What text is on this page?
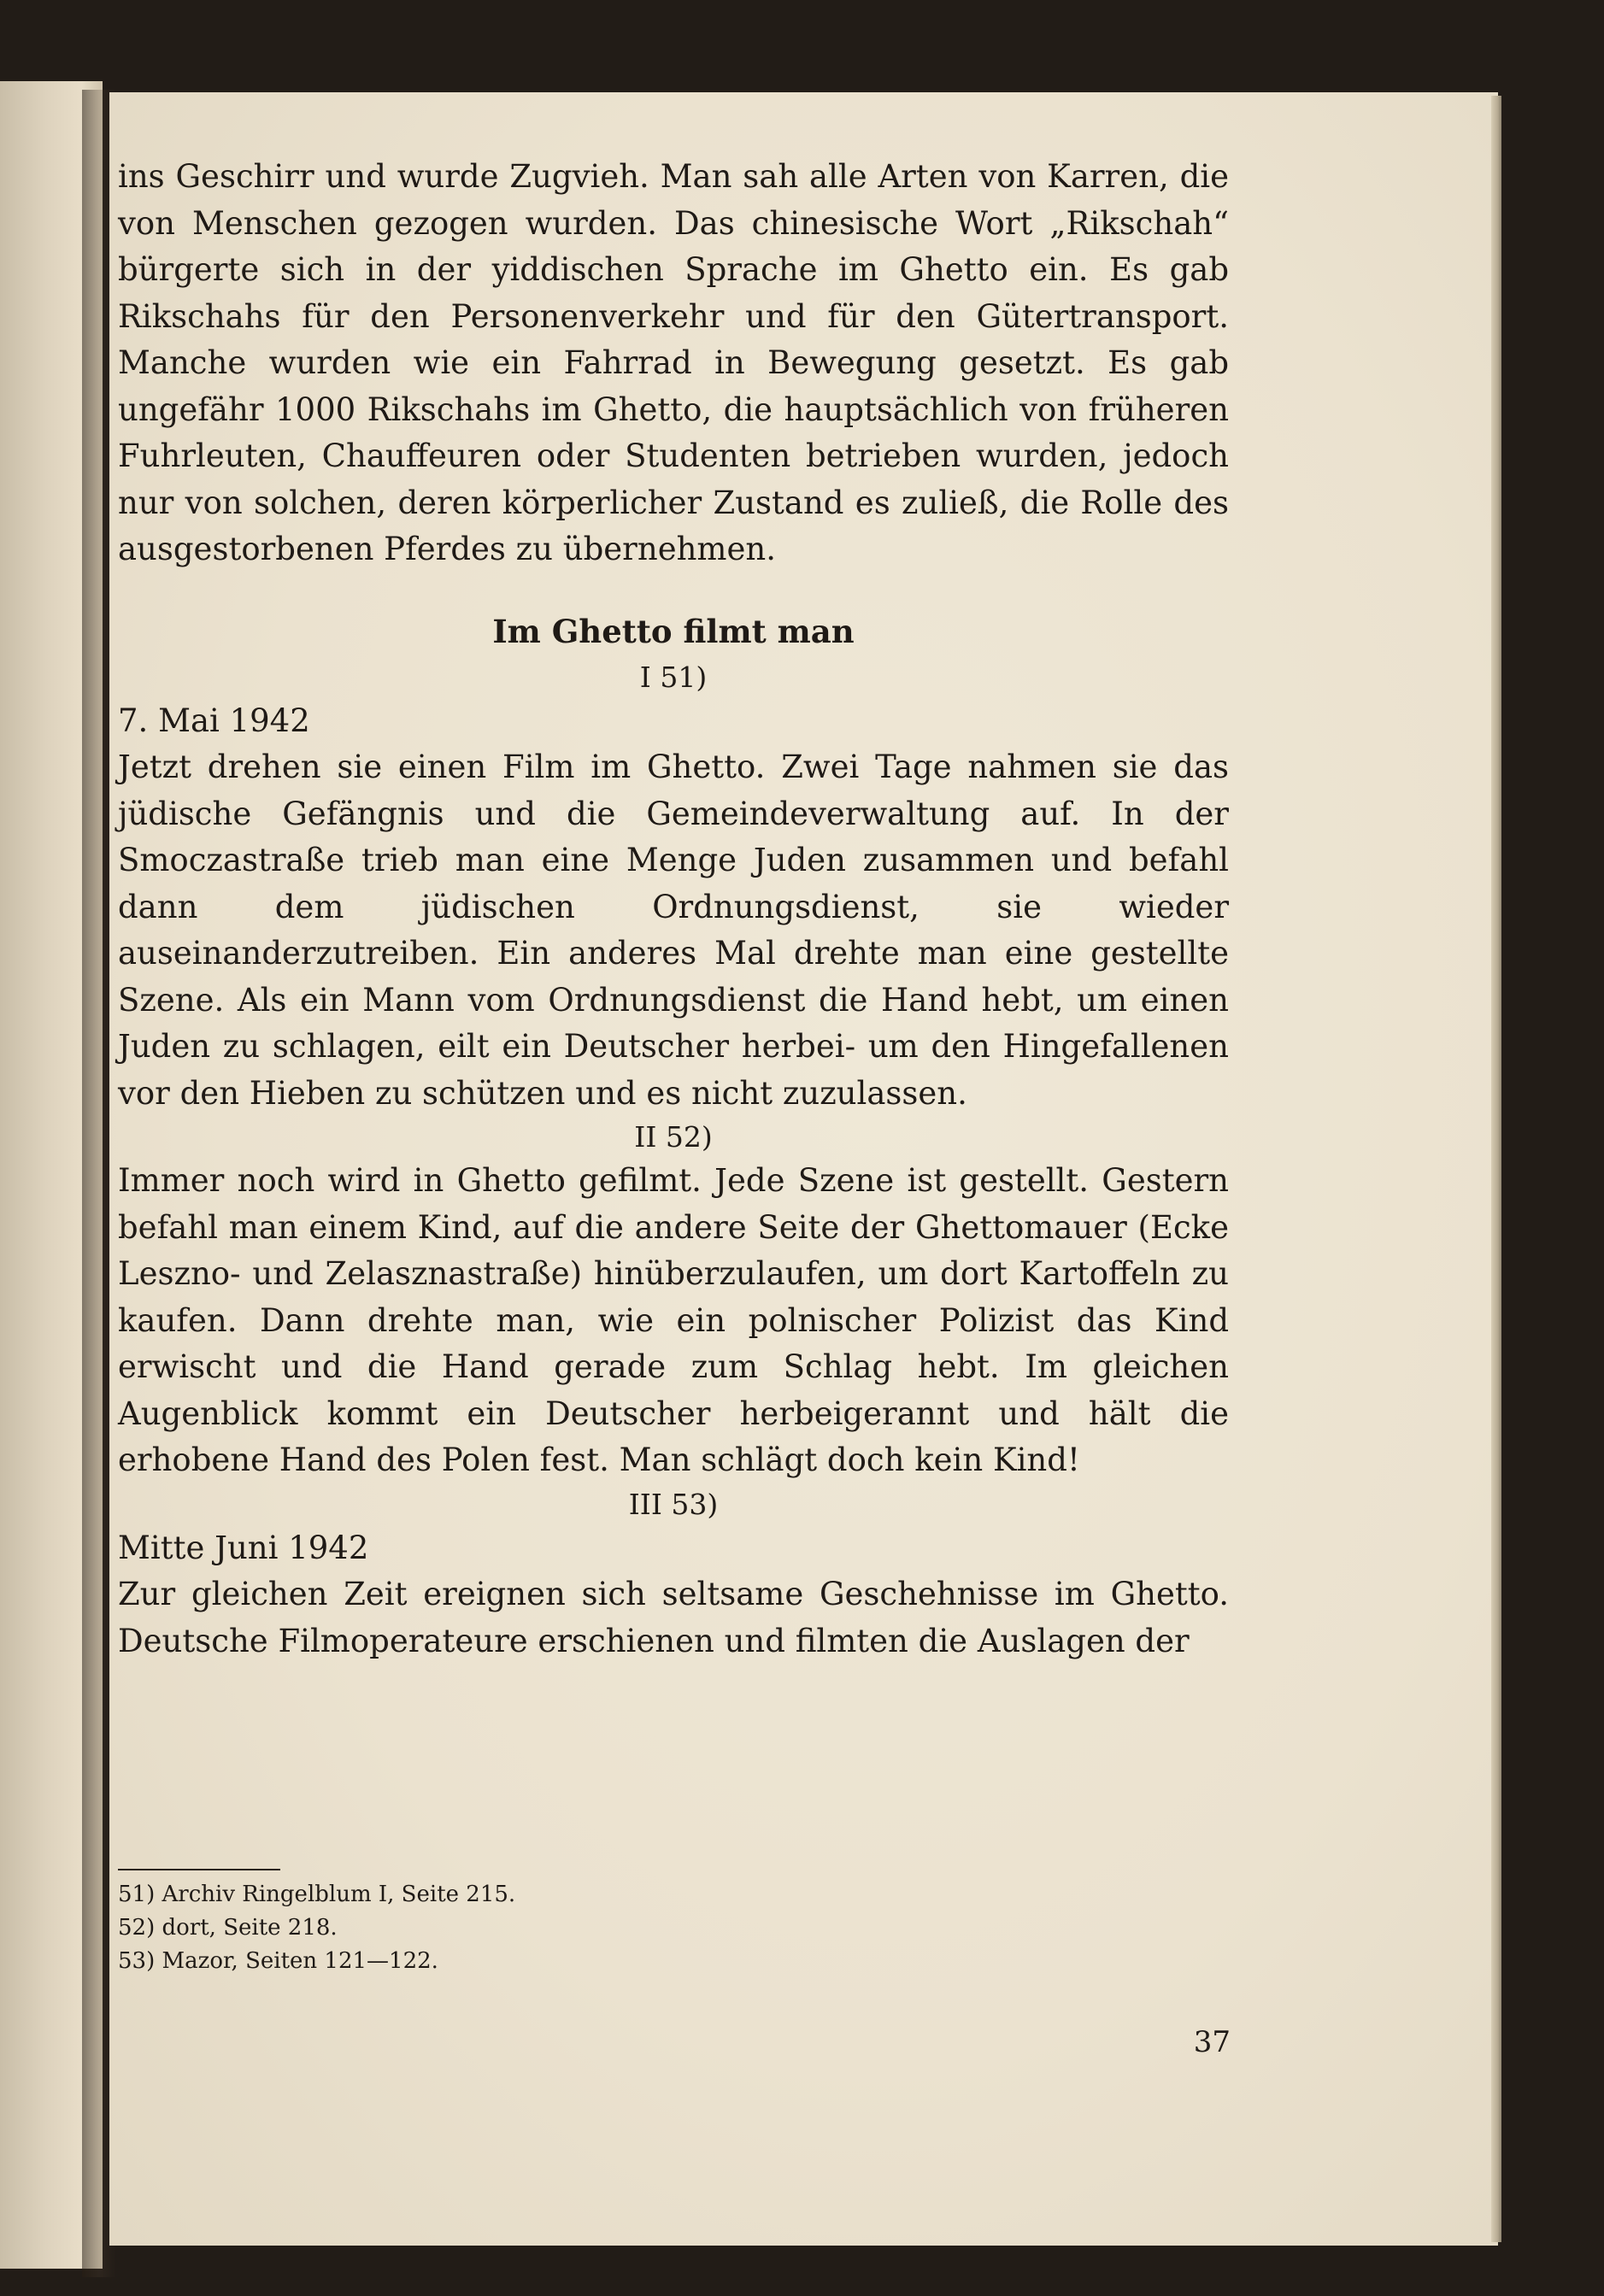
ins Geschirr und wurde Zugvieh. Man sah alle Arten von Karren, die von Menschen gezogen wurden. Das chinesische Wort „Rikschah“ bürgerte sich in der yiddischen Sprache im Ghetto ein. Es gab Rikschahs für den Personenverkehr und für den Gütertransport. Manche wurden wie ein Fahrrad in Bewegung gesetzt. Es gab ungefähr 1000 Rikschahs im Ghetto, die hauptsächlich von früheren Fuhrleuten, Chauffeuren oder Studenten betrieben wurden, jedoch nur von solchen, deren körperlicher Zustand es zuließ, die Rolle des ausgestorbenen Pferdes zu übernehmen.

Im Ghetto filmt man

I 51)

7. Mai 1942

Jetzt drehen sie einen Film im Ghetto. Zwei Tage nahmen sie das jüdische Gefängnis und die Gemeindeverwaltung auf. In der Smoczastraße trieb man eine Menge Juden zusammen und befahl dann dem jüdischen Ordnungsdienst, sie wieder auseinanderzutreiben. Ein anderes Mal drehte man eine gestellte Szene. Als ein Mann vom Ordnungsdienst die Hand hebt, um einen Juden zu schlagen, eilt ein Deutscher herbei- um den Hingefallenen vor den Hieben zu schützen und es nicht zuzulassen.

II 52)

Immer noch wird in Ghetto gefilmt. Jede Szene ist gestellt. Gestern befahl man einem Kind, auf die andere Seite der Ghettomauer (Ecke Leszno- und Zelasznastraße) hinüberzulaufen, um dort Kartoffeln zu kaufen. Dann drehte man, wie ein polnischer Polizist das Kind erwischt und die Hand gerade zum Schlag hebt. Im gleichen Augenblick kommt ein Deutscher herbeigerannt und hält die erhobene Hand des Polen fest. Man schlägt doch kein Kind!

III 53)

Mitte Juni 1942

Zur gleichen Zeit ereignen sich seltsame Geschehnisse im Ghetto. Deutsche Filmoperateure erschienen und filmten die Auslagen der

51) Archiv Ringelblum I, Seite 215.

52) dort, Seite 218.

53) Mazor, Seiten 121—122.

37
